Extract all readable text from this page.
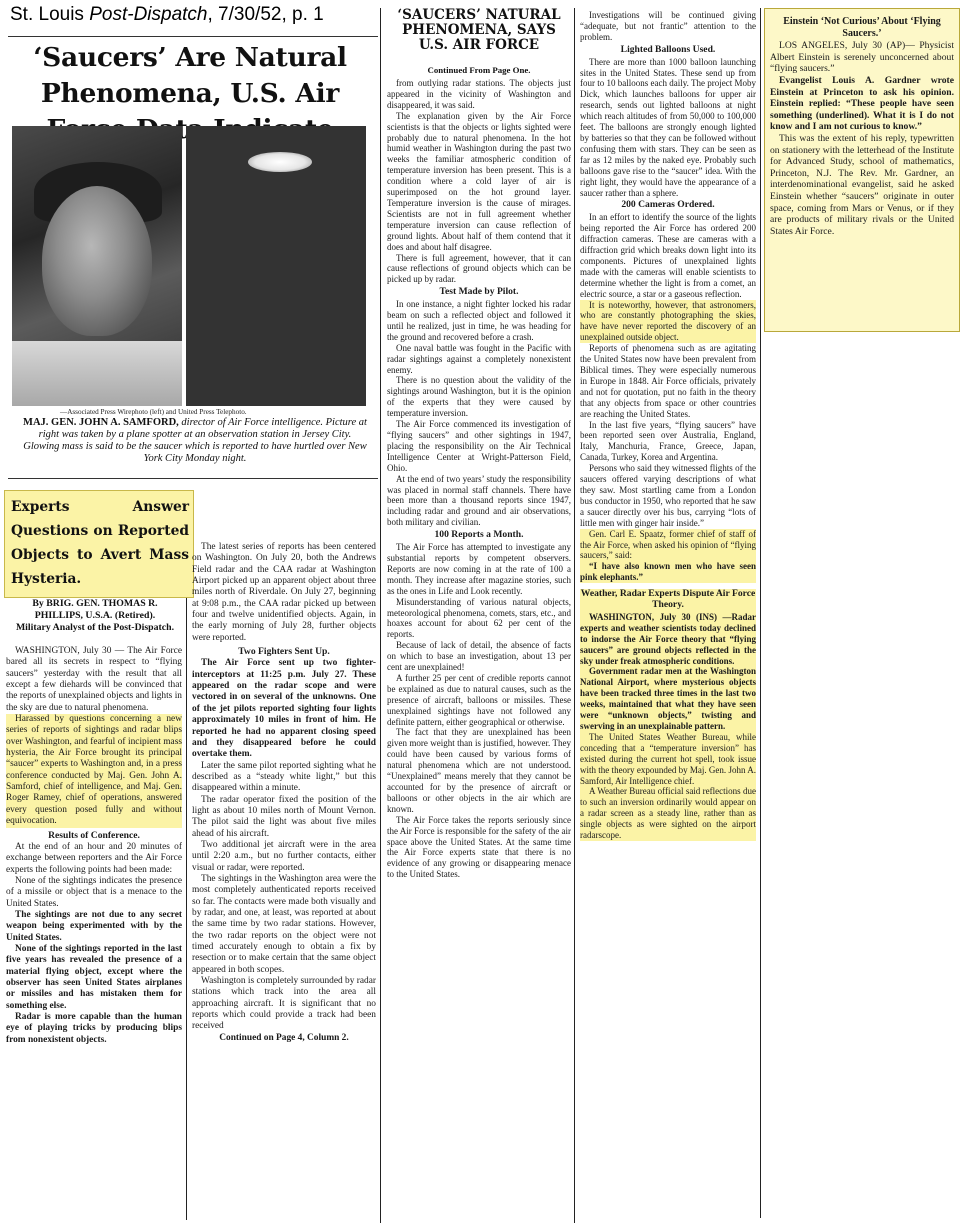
St. Louis Post-Dispatch, 7/30/52, p. 1
‘Saucers’ Are Natural Phenomena, U.S. Air
—Associated Press Wirephoto (left) and United Press Telephoto.
MAJ. GEN. JOHN A. SAMFORD, director of Air Force intelligence. Picture at right was taken by a plane spotter at an observation station in Jersey City. Glowing mass is said to be the saucer which is reported to have hurtled over New York City Monday night.
Experts Answer Questions on Reported Objects to Avert Mass Hysteria.
By BRIG. GEN. THOMAS R. PHILLIPS, U.S.A. (Retired).
Military Analyst of the Post-Dispatch.

WASHINGTON, July 30 — The Air Force bared all its secrets in respect to “flying saucers” yesterday with the result that all except a few diehards will be convinced that the reports of unexplained objects and lights in the sky are due to natural phenomena.

Harassed by questions concerning a new series of reports of sightings and radar blips over Washington, and fearful of incipient mass hysteria, the Air Force brought its principal “saucer” experts to Washington and, in a press conference conducted by Maj. Gen. John A. Samford, chief of intelligence, and Maj. Gen. Roger Ramey, chief of operations, answered every question posed fully and without equivocation.

Results of Conference.

At the end of an hour and 20 minutes of exchange between reporters and the Air Force experts the following points had been made:

None of the sightings indicates the presence of a missile or object that is a menace to the United States.

The sightings are not due to any secret weapon being experimented with by the United States.

None of the sightings reported in the last five years has revealed the presence of a material flying object, except where the observer has seen United States airplanes or missiles and has mistaken them for something else.

Radar is more capable than the human eye of playing tricks by producing blips from nonexistent objects.

The latest series of reports has been centered on Washington. On July 20, both the Andrews Field radar and the CAA radar at Washington Airport picked up an apparent object about three miles north of Riverdale. On July 27, beginning at 9:08 p.m., the CAA radar picked up between four and twelve unidentified objects. Again, in the early morning of July 28, further objects were reported.

Two Fighters Sent Up.

The Air Force sent up two fighter-interceptors at 11:25 p.m. July 27. These appeared on the radar scope and were vectored in on several of the unknowns. One of the jet pilots reported sighting four lights approximately 10 miles in front of him. He reported he had no apparent closing speed and they disappeared before he could overtake them.

Later the same pilot reported sighting what he described as a “steady white light,” but this disappeared within a minute.

The radar operator fixed the position of the light as about 10 miles north of Mount Vernon. The pilot said the light was about five miles ahead of his aircraft.

Two additional jet aircraft were in the area until 2:20 a.m., but no further contacts, either visual or radar, were reported.

The sightings in the Washington area were the most completely authenticated reports received so far. The contacts were made both visually and by radar, and one, at least, was reported at about the same time by two radar stations. However, the two radar reports on the object were not timed accurately enough to obtain a fix by resection or to make certain that the same object appeared in both scopes.

Washington is completely surrounded by radar stations which track into the area all approaching aircraft. It is significant that no reports which could provide a track had been received

Continued on Page 4, Column 2.

‘SAUCERS’ NATURAL PHENOMENA, SAYS U.S. AIR FORCE
Continued From Page One.

from outlying radar stations. The objects just appeared in the vicinity of Washington and disappeared, it was said.

The explanation given by the Air Force scientists is that the objects or lights sighted were probably due to natural phenomena. In the hot humid weather in Washington during the past two weeks the familiar atmospheric condition of temperature inversion has been present. This is a condition where a cold layer of air is superimposed on the hot ground layer. Temperature inversion is the cause of mirages. Scientists are not in full agreement whether temperature inversion can cause reflection of ground lights. About half of them contend that it does and about half disagree.

There is full agreement, however, that it can cause reflections of ground objects which can be picked up by radar.

Test Made by Pilot.

In one instance, a night fighter locked his radar beam on such a reflected object and followed it until he realized, just in time, he was heading for the ground and recovered before a crash.

One naval battle was fought in the Pacific with radar sightings against a completely nonexistent enemy.

There is no question about the validity of the sightings around Washington, but it is the opinion of the experts that they were caused by temperature inversion.

The Air Force commenced its investigation of “flying saucers” and other sightings in 1947, placing the responsibility on the Air Technical Intelligence Center at Wright-Patterson Field, Ohio.

At the end of two years’ study the responsibility was placed in normal staff channels. There have been more than a thousand reports since 1947, including radar and ground and air observations, both military and civilian.

100 Reports a Month.

The Air Force has attempted to investigate any substantial reports by competent observers. Reports are now coming in at the rate of 100 a month. They increase after magazine stories, such as the ones in Life and Look recently.

Misunderstanding of various natural objects, meteorological phenomena, comets, stars, etc., and hoaxes account for about 62 per cent of the reports.

Because of lack of detail, the absence of facts on which to base an investigation, about 13 per cent are unexplained!

A further 25 per cent of credible reports cannot be explained as due to natural causes, such as the presence of aircraft, balloons or missiles. These unexplained sightings have not followed any definite pattern, either geographical or otherwise.

The fact that they are unexplained has been given more weight than is justified, however. They could have been caused by various forms of natural phenomena which are not understood. “Unexplained” means merely that they cannot be accounted for by the presence of aircraft or balloons or other objects in the air which are known.

The Air Force takes the reports seriously since the Air Force is responsible for the safety of the air space above the United States. At the same time the Air Force experts state that there is no evidence of any growing or disappearing menace to the United States.

Investigations will be continued giving “adequate, but not frantic” attention to the problem.

Lighted Balloons Used.

There are more than 1000 balloon launching sites in the United States. These send up from four to 10 balloons each daily. The project Moby Dick, which launches balloons for upper air research, sends out lighted balloons at night which reach altitudes of from 50,000 to 100,000 feet. The balloons are strongly enough lighted by batteries so that they can be followed without confusing them with stars. They can be seen as far as 12 miles by the naked eye. Probably such balloons gave rise to the “saucer” idea. With the right light, they would have the appearance of a saucer rather than a sphere.

200 Cameras Ordered.

In an effort to identify the source of the lights being reported the Air Force has ordered 200 diffraction cameras. These are cameras with a diffraction grid which breaks down light into its components. Pictures of unexplained lights made with the cameras will enable scientists to determine whether the light is from a comet, an electric source, a star or a gaseous reflection.

It is noteworthy, however, that astronomers, who are constantly photographing the skies, have have never reported the discovery of an unexplained outside object.

Reports of phenomena such as are agitating the United States now have been prevalent from Biblical times. They were especially numerous in Europe in 1848. Air Force officials, privately and not for quotation, put no faith in the theory that any objects from space or other countries are reaching the United States.

In the last five years, “flying saucers” have been reported seen over Australia, England, Italy, Manchuria, France, Greece, Japan, Canada, Turkey, Korea and Argentina.

Persons who said they witnessed flights of the saucers offered varying descriptions of what they saw. Most startling came from a London bus conductor in 1950, who reported that he saw a saucer directly over his bus, carrying “lots of little men with ginger hair inside.”

Gen. Carl E. Spaatz, former chief of staff of the Air Force, when asked his opinion of “flying saucers,” said:

“I have also known men who have seen pink elephants.”

Weather, Radar Experts Dispute Air Force Theory.

WASHINGTON, July 30 (INS) —Radar experts and weather scientists today declined to indorse the Air Force theory that “flying saucers” are ground objects reflected in the sky under freak atmospheric conditions.

Government radar men at the Washington National Airport, where mysterious objects have been tracked three times in the last two weeks, maintained that what they have seen were “unknown objects,” twisting and swerving in an unexplainable pattern.

The United States Weather Bureau, while conceding that a “temperature inversion” has existed during the current hot spell, took issue with the theory expounded by Maj. Gen. John A. Samford, Air Intelligence chief.

A Weather Bureau official said reflections due to such an inversion ordinarily would appear on a radar screen as a steady line, rather than as single objects as were sighted on the airport radarscope.

Einstein ‘Not Curious’ About ‘Flying Saucers.’

LOS ANGELES, July 30 (AP)— Physicist Albert Einstein is serenely unconcerned about “flying saucers.”

Evangelist Louis A. Gardner wrote Einstein at Princeton to ask his opinion. Einstein replied: “These people have seen something (underlined). What it is I do not know and I am not curious to know.”

This was the extent of his reply, typewritten on stationery with the letterhead of the Institute for Advanced Study, school of mathematics, Princeton, N.J. The Rev. Mr. Gardner, an interdenominational evangelist, said he asked Einstein whether “saucers” originate in outer space, coming from Mars or Venus, or if they are products of military rivals or the United States Air Force.
